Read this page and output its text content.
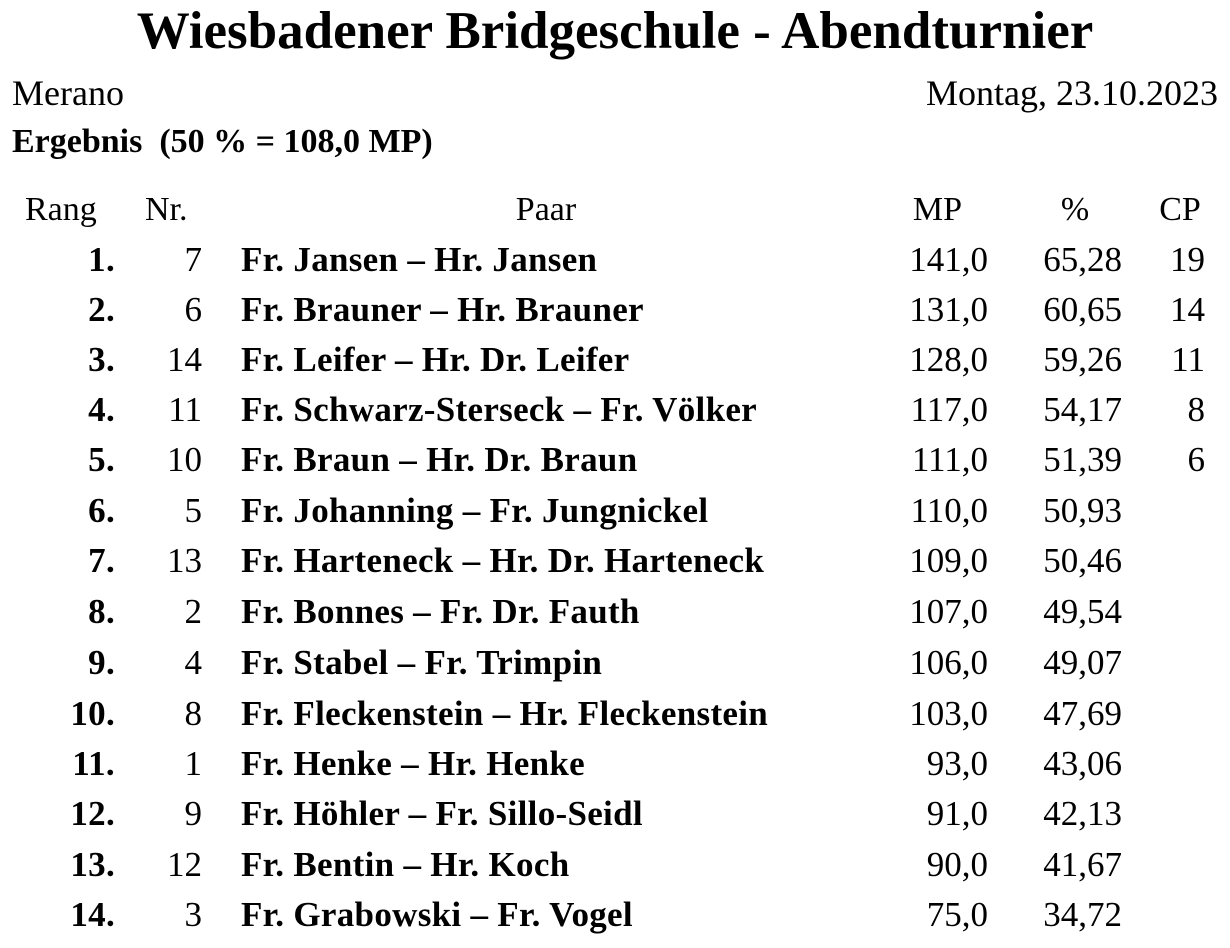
Wiesbadener Bridgeschule - Abendturnier
Merano	Montag, 23.10.2023
Ergebnis  (50 % = 108,0 MP)
Rang	Nr.	Paar	MP	%	CP
1.	7 Fr. Jansen – Hr. Jansen	141,0	65,28	19
2.	6 Fr. Brauner – Hr. Brauner	131,0	60,65	14
3.	14 Fr. Leifer – Hr. Dr. Leifer	128,0	59,26	11
4.	11 Fr. Schwarz-Sterseck – Fr. Völker	117,0	54,17	8
5.	10 Fr. Braun – Hr. Dr. Braun	111,0	51,39	6
6.	5 Fr. Johanning – Fr. Jungnickel	110,0	50,93
7.	13 Fr. Harteneck – Hr. Dr. Harteneck	109,0	50,46
8.	2 Fr. Bonnes – Fr. Dr. Fauth	107,0	49,54
9.	4 Fr. Stabel – Fr. Trimpin	106,0	49,07
10.	8 Fr. Fleckenstein – Hr. Fleckenstein	103,0	47,69
11.	1 Fr. Henke – Hr. Henke	93,0	43,06
12.	9 Fr. Höhler – Fr. Sillo-Seidl	91,0	42,13
13.	12 Fr. Bentin – Hr. Koch	90,0	41,67
14.	3 Fr. Grabowski – Fr. Vogel	75,0	34,72
